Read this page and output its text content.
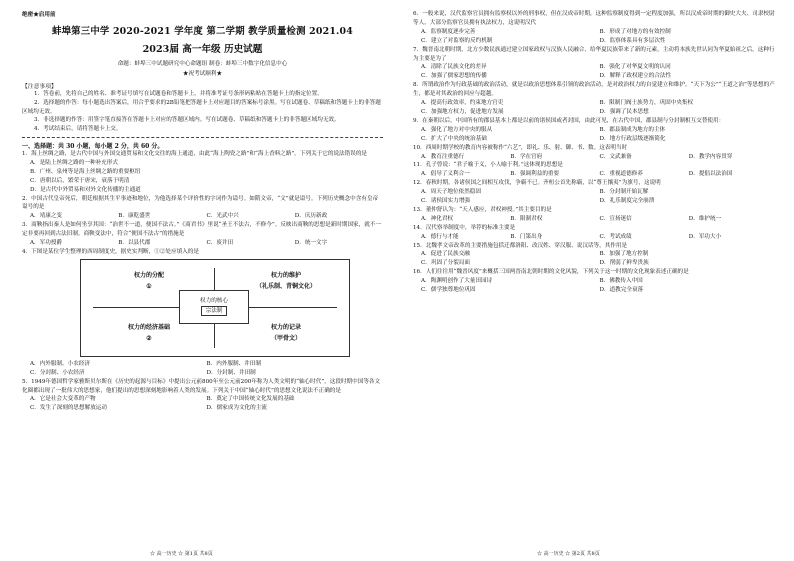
绝密★启用前
蚌埠第三中学 2020-2021 学年度 第二学期 教学质量检测 2021.04
2023届 高一年级 历史试题
命题：蚌埠三中试题研究中心命题组 制卷：蚌埠三中数字化信息中心
★祝考试顺利★
【注意事项】

1．答卷前，先将自己的姓名、准考证号填写在试题卷和答题卡上，并将准考证号条形码粘贴在答题卡上的指定位置。

2．选择题的作答：每小题选出答案后，用合乎要求的2B铅笔把答题卡上对应题目的答案标号涂黑。写在试题卷、草稿纸和答题卡上的非答题区域均无效。

3．非选择题的作答：用签字笔直接答在答题卡上对应的答题区域内。写在试题卷、草稿纸和答题卡上的非答题区域均无效。

4．考试结束后，请将答题卡上交。

一、选择题：共 30 小题，每小题 2 分，共 60 分。

1．海上丝绸之路，是古代中国与外国交通贸易和文化交往的海上通道，由此“海上陶瓷之路”和“海上香料之路”。下列关于它的说法错误的是

A．是陆上丝绸之路的一种补充形式
B．广州、泉州等是海上丝绸之路的重要枢纽
C．唐朝以后，繁荣于唐宋，衰落于明清
D．是古代中外贸易和对外文化传播的主通道

2．中国古代皇帝死后，朝廷根据其生平事迹和地位，为他选择某个评价性的字词作为谥号。如隋文帝，“文”就是谥号。下列历史概念中含有皇帝谥号的是

A．靖康之变	B．康乾盛世	C．光武中兴	D．庆历新政

3．商鞅指出秦人是如何坐享其国：“治世不一道，便国不法古。”《商君书》里说“圣王不法古，不修今”。反映出商鞅的思想是新时期国家，就不一定非要再回到古法旧制。商鞅变法中，符合“便国不法古”的措施是

A．军功授爵	B．以县代郡	C．废井田	D．统一文字

4．下图是某位学生整理的西周制度史，据史实判断，①②处应填入的是

权力的分配
①
权力的维护
（礼乐制、青铜文化）
权力的经济基础
②
权力的记录
（甲骨文）
权力的核心
宗法制
A．内外服制、小农经济	B．内外服制、井田制
C．分封制、小农经济	D．分封制、井田制

5．1949年德国哲学家雅斯贝尔斯在《历史的起源与目标》中提出公元前800年至公元前200年称为人类文明的“轴心时代”，这段时期中国等各文化圈都出现了一批伟大的思想家，他们提出的思想深刻地影响着人类的发展。下列关于中国“轴心时代”的思想文化说法不正确的是

A．它是社会大变革的产物	B．奠定了中国传统文化发展的基础
C．发生了深刻的思想解放运动	D．儒家成为文化的主流
☆ 高一历史 ☆ 第1页 共8页

6．一般来说，汉代监察官员拥有监察权以外的刑事权，但在汉成帝时期，这种监察制度得到一定程度加强，所以汉成帝时期的御史大夫、司隶校尉等人，大部分监察官员拥有执法权力，这说明汉代

A．监察制度逐步完善	B．形成了对地方的有效控制
C．建立了对监察的反约机制	D．监察体系具有多层次性

7．魏晋南北朝时期，北方少数民族通过建立国家政权与汉族人民融合，给华夏民族带来了新的元素，主动将本族先世认同为华夏始祖之后，这种行为主要是为了

A．清除了民族文化的差异	B．强化了对华夏文明的认同
C．加强了儒家思想的传播	D．解释了政权建立的合法性

8．所谓政治作为行政基础的政治活动，就是以政治思想体系引领的政治活动，是对政治权力的自觉建立和维护。“天下为公”“王道之治”等思想的产生，都是对其政治的回应与超越。

A．提高行政效率，约束地方官吏	B．限制门阀士族势力，巩固中央集权
C．加强地方权力，促进地方发展	D．强调了民本思想

9．在秦朝以后，中国所有的郡县基本上都是以前的诸侯国或者封国，由此可见，在古代中国，郡县制与分封制相互交替使用：

A．强化了地方对中央的服从	B．郡县制成为地方的主体
C．扩大了中央的统治基础	D．地方行政层级逐渐简化

10．西周时期学校的教育内容被称作“六艺”，即礼、乐、射、御、书、数。这表明当时

A．教育注重德行	B．学在官府	C．文武兼备	D．教学内容贯穿

11．孔子曾说：“君子喻于义，小人喻于利。”这体现的思想是

A．倡导了义利合一	B．强调利益的重要	C．重视道德修养	D．提倡以法治国

12．春秋时期，各诸侯国之间相互攻伐，争霸不已。齐桓公首先称霸，以“尊王攘夷”为旗号，这说明

A．周天子地位依然稳固	B．分封制开始瓦解
C．诸侯国实力增强	D．礼乐制度完全崩溃

13．董仲舒认为：“天人感应，君权神授。”其主要目的是

A．神化君权	B．限制君权	C．宣扬迷信	D．维护统一

14．汉代察举制度中，举荐的标准主要是

A．德行与才能	B．门第出身	C．考试成绩	D．军功大小

15．北魏孝文帝改革的主要措施包括迁都洛阳、改汉姓、穿汉服、说汉话等，其作用是

A．促进了民族交融	B．加强了地方控制
C．巩固了分裂局面	D．削弱了鲜卑贵族

16．人们往往用“魏晋风度”来概括三国两晋南北朝时期的文化风貌，下列关于这一时期的文化现象表述正确的是

A．陶渊明创作了大量田园诗	B．佛教传入中国
C．儒学独尊地位巩固	D．道教完全衰落
☆ 高一历史 ☆ 第2页 共8页
